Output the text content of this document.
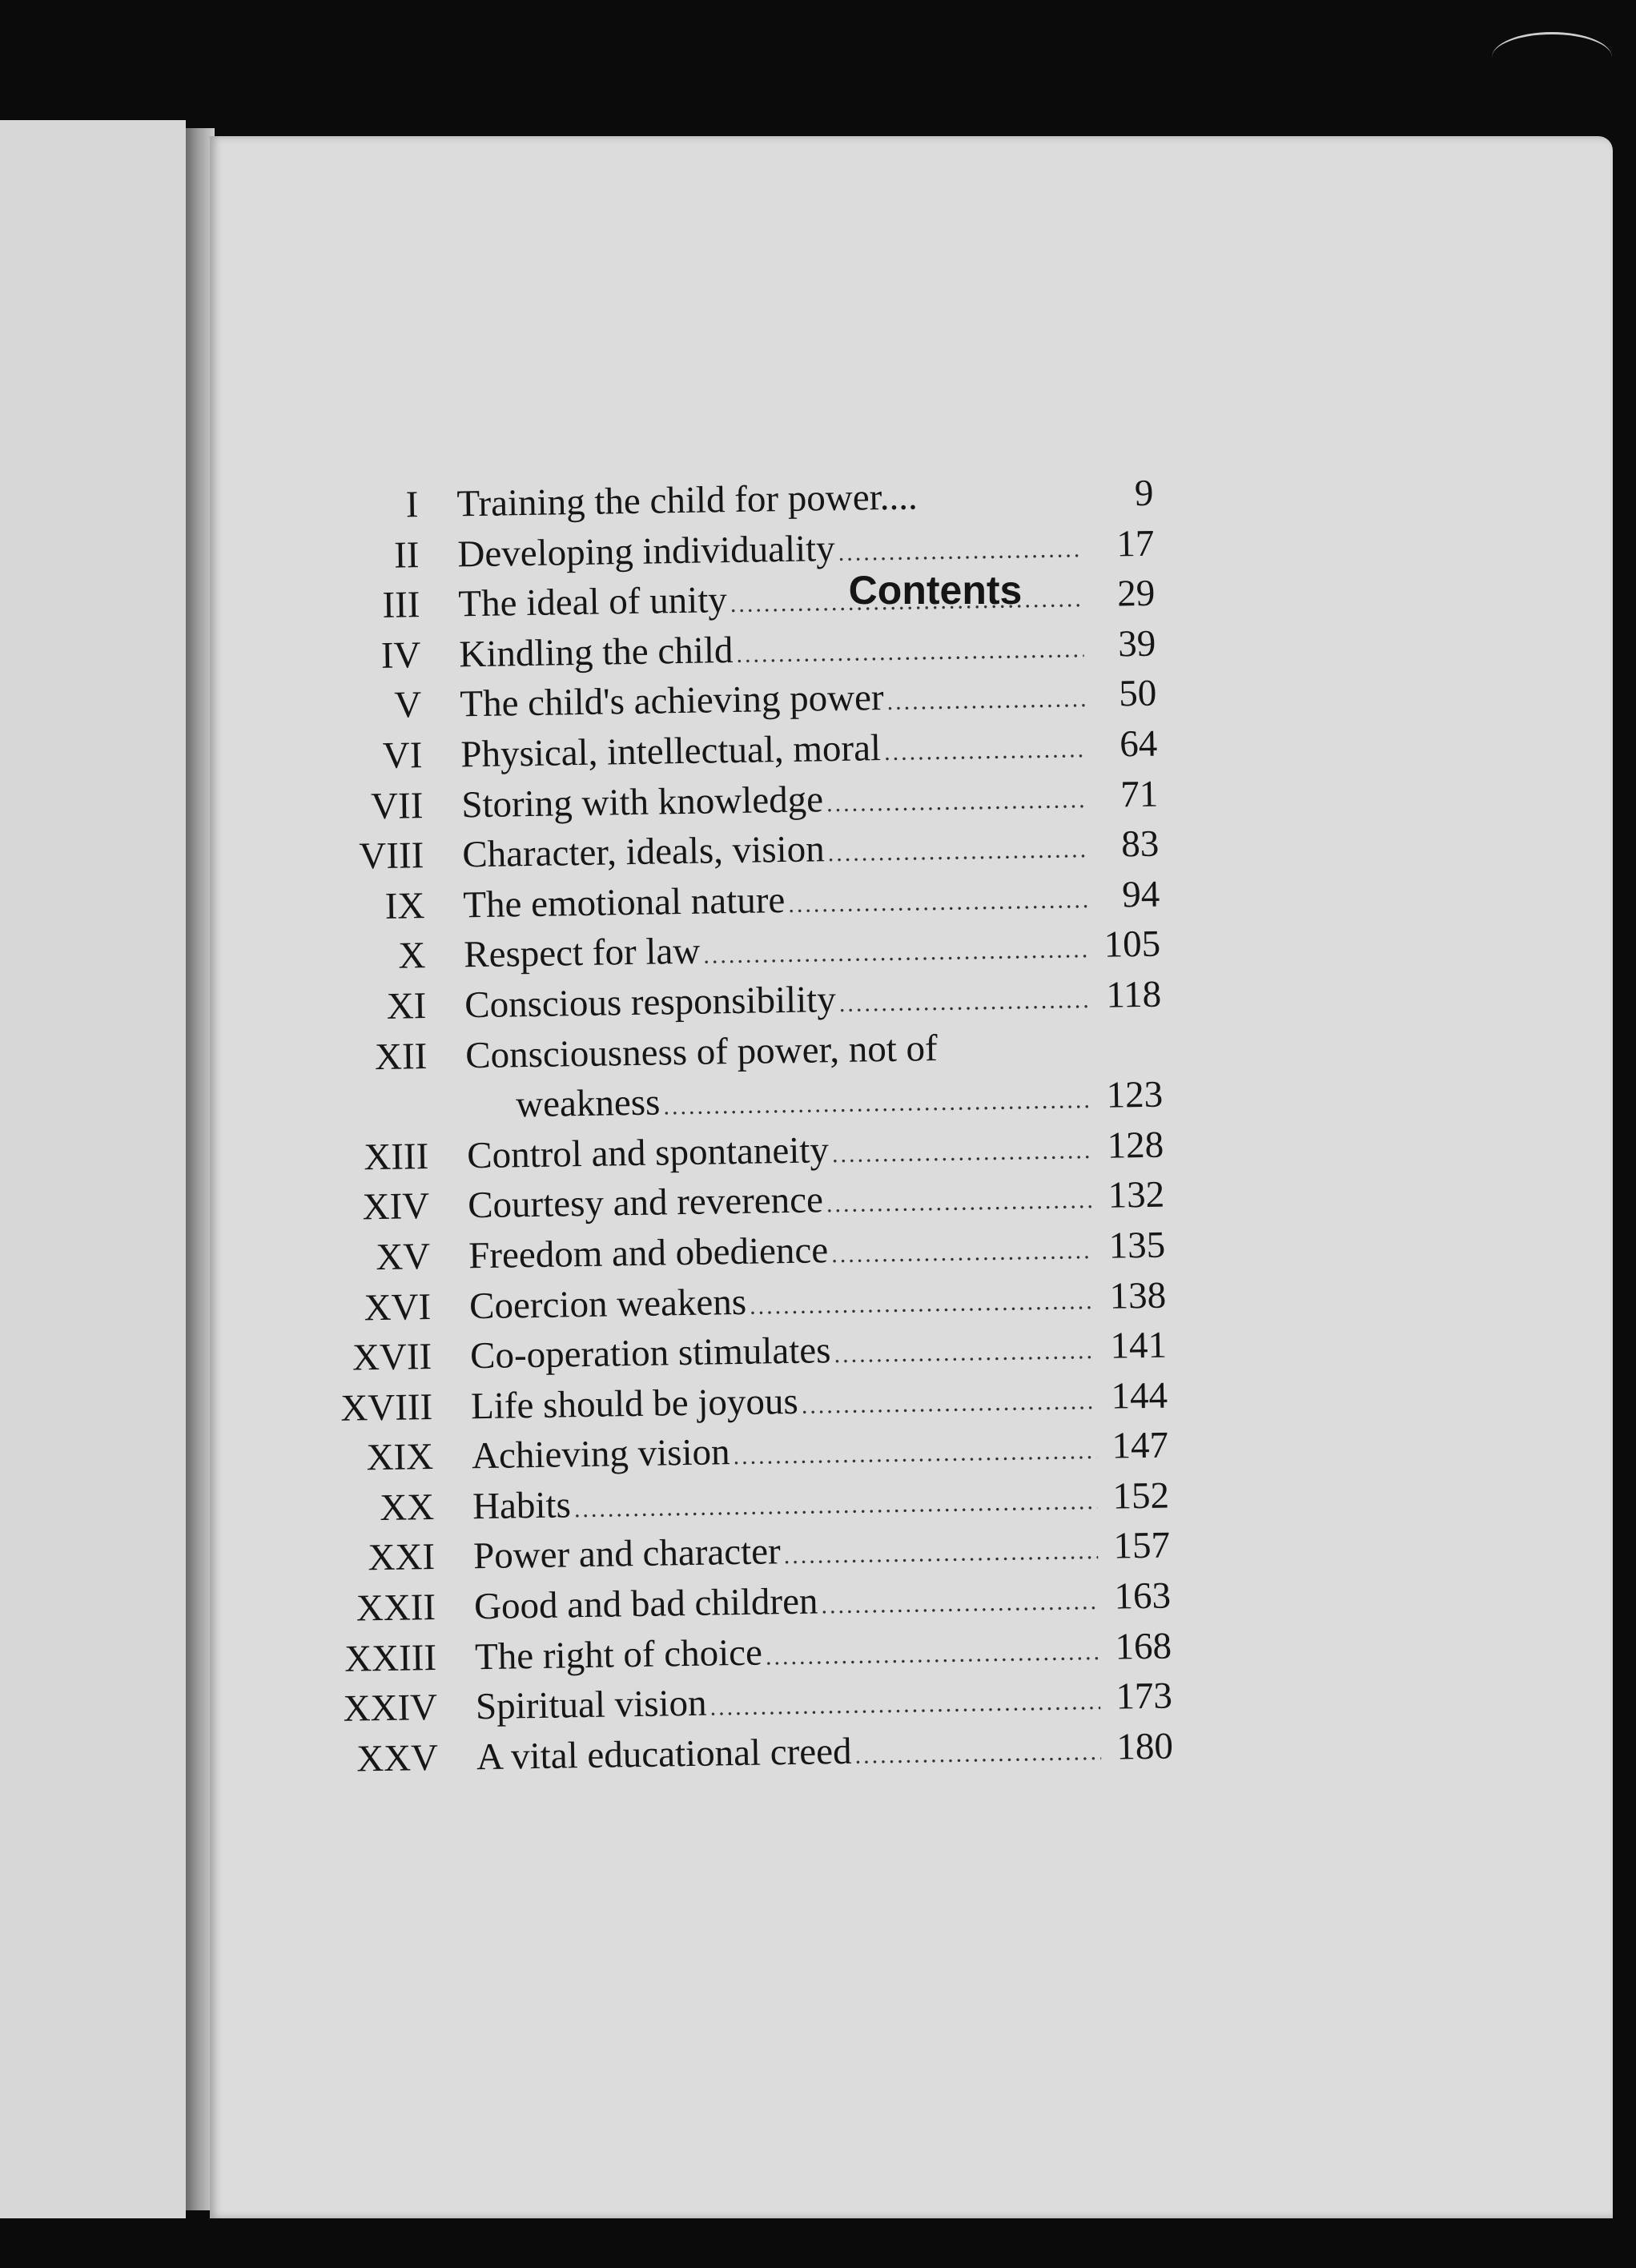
Contents
I	Training the child for power....	9
II	Developing individuality .....	17
III	The ideal of unity .....	29
IV	Kindling the child .....	39
V	The child's achieving power .....	50
VI	Physical, intellectual, moral .....	64
VII	Storing with knowledge .....	71
VIII	Character, ideals, vision .....	83
IX	The emotional nature .....	94
X	Respect for law .....	105
XI	Conscious responsibility .....	118
XII	Consciousness of power, not of
weakness .....	123
XIII	Control and spontaneity .....	128
XIV	Courtesy and reverence .....	132
XV	Freedom and obedience .....	135
XVI	Coercion weakens .....	138
XVII	Co-operation stimulates .....	141
XVIII	Life should be joyous .....	144
XIX	Achieving vision .....	147
XX	Habits .....	152
XXI	Power and character .....	157
XXII	Good and bad children .....	163
XXIII	The right of choice .....	168
XXIV	Spiritual vision .....	173
XXV	A vital educational creed .....	180
